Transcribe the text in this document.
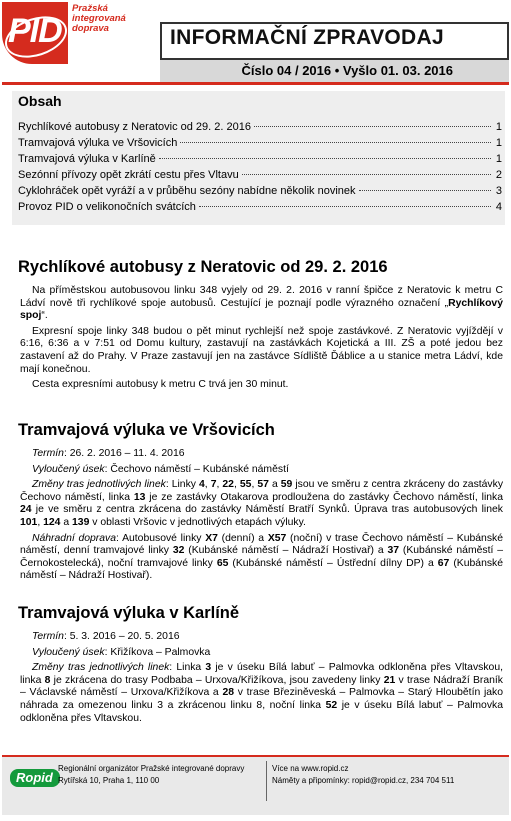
PID
Pražská
integrovaná
doprava	INFORMAČNÍ ZPRAVODAJ
Číslo 04 / 2016 • Vyšlo 01. 03. 2016
Obsah
Rychlíkové autobusy z Neratovic od 29. 2. 2016	1
Tramvajová výluka ve Vršovicích	1
Tramvajová výluka v Karlíně	1
Sezónní přívozy opět zkrátí cestu přes Vltavu	2
Cyklohráček opět vyráží a v průběhu sezóny nabídne několik novinek	3
Provoz PID o velikonočních svátcích	4
Rychlíkové autobusy z Neratovic od 29. 2. 2016

Na příměstskou autobusovou linku 348 vyjely od 29. 2. 2016 v ranní špičce z Neratovic k metru C Ládví nově tři rychlíkové spoje autobusů. Cestující je poznají podle výrazného označení „Rychlíkový spoj“.

Expresní spoje linky 348 budou o pět minut rychlejší než spoje zastávkové. Z Neratovic vyjíždějí v 6:16, 6:36 a v 7:51 od Domu kultury, zastavují na zastávkách Kojetická a III. ZŠ a poté jedou bez zastavení až do Prahy. V Praze zastavují jen na zastávce Sídliště Ďáblice a u stanice metra Ládví, kde mají konečnou.

Cesta expresními autobusy k metru C trvá jen 30 minut.

Tramvajová výluka ve Vršovicích
Termín: 26. 2. 2016 – 11. 4. 2016
Vyloučený úsek: Čechovo náměstí – Kubánské náměstí

Změny tras jednotlivých linek: Linky 4, 7, 22, 55, 57 a 59 jsou ve směru z centra zkráceny do zastávky Čechovo náměstí, linka 13 je ze zastávky Otakarova prodloužena do zastávky Čechovo náměstí, linka 24 je ve směru z centra zkrácena do zastávky Náměstí Bratří Synků. Úprava tras autobusových linek 101, 124 a 139 v oblasti Vršovic v jednotlivých etapách výluky.

Náhradní doprava: Autobusové linky X7 (denní) a X57 (noční) v trase Čechovo náměstí – Kubánské náměstí, denní tramvajové linky 32 (Kubánské náměstí – Nádraží Hostivař) a 37 (Kubánské náměstí – Černokostelecká), noční tramvajové linky 65 (Kubánské náměstí – Ústřední dílny DP) a 67 (Kubánské náměstí – Nádraží Hostivař).

Tramvajová výluka v Karlíně
Termín: 5. 3. 2016 – 20. 5. 2016
Vyloučený úsek: Křižíkova – Palmovka

Změny tras jednotlivých linek: Linka 3 je v úseku Bílá labuť – Palmovka odkloněna přes Vltavskou, linka 8 je zkrácena do trasy Podbaba – Urxova/Křižíkova, jsou zavedeny linky 21 v trase Nádraží Braník – Václavské náměstí – Urxova/Křižíkova a 28 v trase Březiněveská – Palmovka – Starý Hloubětín jako náhrada za omezenou linku 3 a zkrácenou linku 8, noční linka 52 je v úseku Bílá labuť – Palmovka odkloněna přes Vltavskou.

Ropid
Regionální organizátor Pražské integrované dopravy
Rytířská 10, Praha 1, 110 00
Více na www.ropid.cz
Náměty a připomínky: ropid@ropid.cz, 234 704 511
